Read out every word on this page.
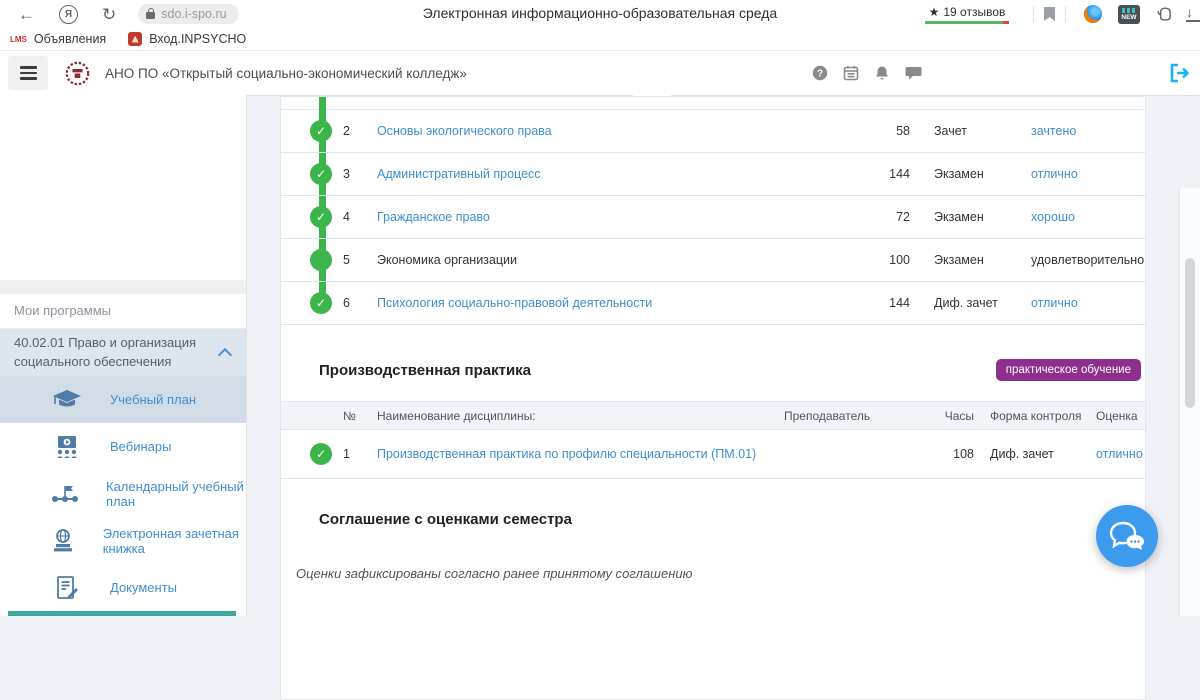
←	Я	↻	sdo.i-spo.ru	Электронная информационно-образовательная среда	★ 19 отзывов	NEW	↓
LMS Объявления	Вход.INPSYCHO
АНО ПО «Открытый социально-экономический колледж»	?
Мои программы
40.02.01 Право и организация социального обеспечения
Учебный план
Вебинары
Календарный учебный план
Электронная зачетная книжка
Документы
✓	2	Основы экологического права	58	Зачет	зачтено
✓	3	Административный процесс	144	Экзамен	отлично
✓	4	Гражданское право	72	Экзамен	хорошо
5	Экономика организации	100	Экзамен	удовлетворительно
✓	6	Психология социально-правовой деятельности	144	Диф. зачет	отлично
Производственная практика	практическое обучение
№	Наименование дисциплины:	Преподаватель	Часы	Форма контроля	Оценка
✓	1	Производственная практика по профилю специальности (ПМ.01)	108	Диф. зачет	отлично
Соглашение с оценками семестра
Оценки зафиксированы согласно ранее принятому соглашению
